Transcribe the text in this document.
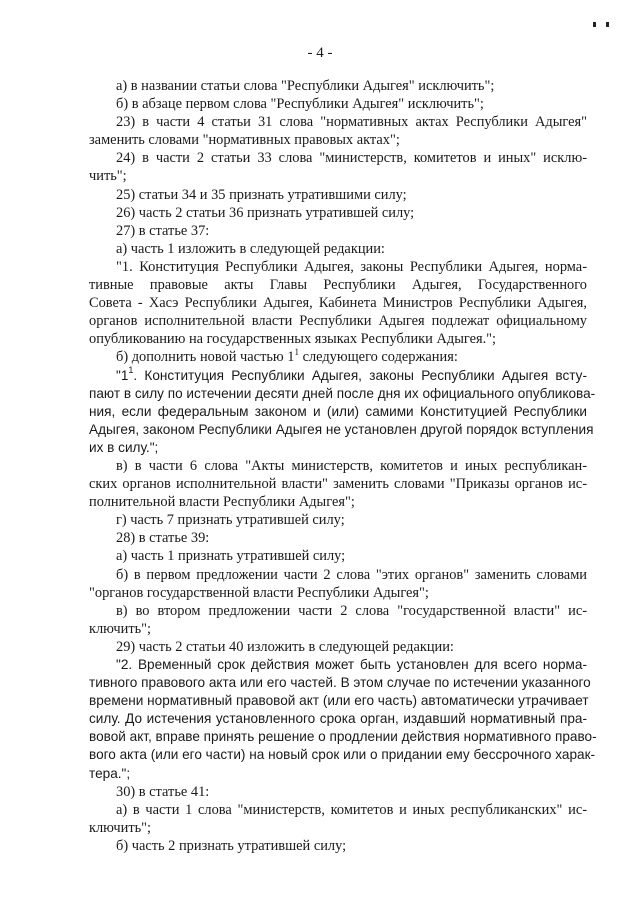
- 4 -
а) в названии статьи слова "Республики Адыгея" исключить";
б) в абзаце первом слова "Республики Адыгея" исключить";
23) в части 4 статьи 31 слова "нормативных актах Республики Адыгея"
заменить словами "нормативных правовых актах";
24) в части 2 статьи 33 слова "министерств, комитетов и иных" исклю-
чить";
25) статьи 34 и 35 признать утратившими силу;
26) часть 2 статьи 36 признать утратившей силу;
27) в статье 37:
а) часть 1 изложить в следующей редакции:
"1. Конституция Республики Адыгея, законы Республики Адыгея, норма-
тивные правовые акты Главы Республики Адыгея, Государственного
Совета - Хасэ Республики Адыгея, Кабинета Министров Республики Адыгея,
органов исполнительной власти Республики Адыгея подлежат официальному
опубликованию на государственных языках Республики Адыгея.";
б) дополнить новой частью $1^1$ следующего содержания:
"$1^1$. Конституция Республики Адыгея, законы Республики Адыгея всту-
пают в силу по истечении десяти дней после дня их официального опубликова-
ния, если федеральным законом и (или) самими Конституцией Республики
Адыгея, законом Республики Адыгея не установлен другой порядок вступления
их в силу.";
в) в части 6 слова "Акты министерств, комитетов и иных республикан-
ских органов исполнительной власти" заменить словами "Приказы органов ис-
полнительной власти Республики Адыгея";
г) часть 7 признать утратившей силу;
28) в статье 39:
а) часть 1 признать утратившей силу;
б) в первом предложении части 2 слова "этих органов" заменить словами
"органов государственной власти Республики Адыгея";
в) во втором предложении части 2 слова "государственной власти" ис-
ключить";
29) часть 2 статьи 40 изложить в следующей редакции:
"2. Временный срок действия может быть установлен для всего норма-
тивного правового акта или его частей. В этом случае по истечении указанного
времени нормативный правовой акт (или его часть) автоматически утрачивает
силу. До истечения установленного срока орган, издавший нормативный пра-
вовой акт, вправе принять решение о продлении действия нормативного право-
вого акта (или его части) на новый срок или о придании ему бессрочного харак-
тера.";
30) в статье 41:
а) в части 1 слова "министерств, комитетов и иных республиканских" ис-
ключить";
б) часть 2 признать утратившей силу;
